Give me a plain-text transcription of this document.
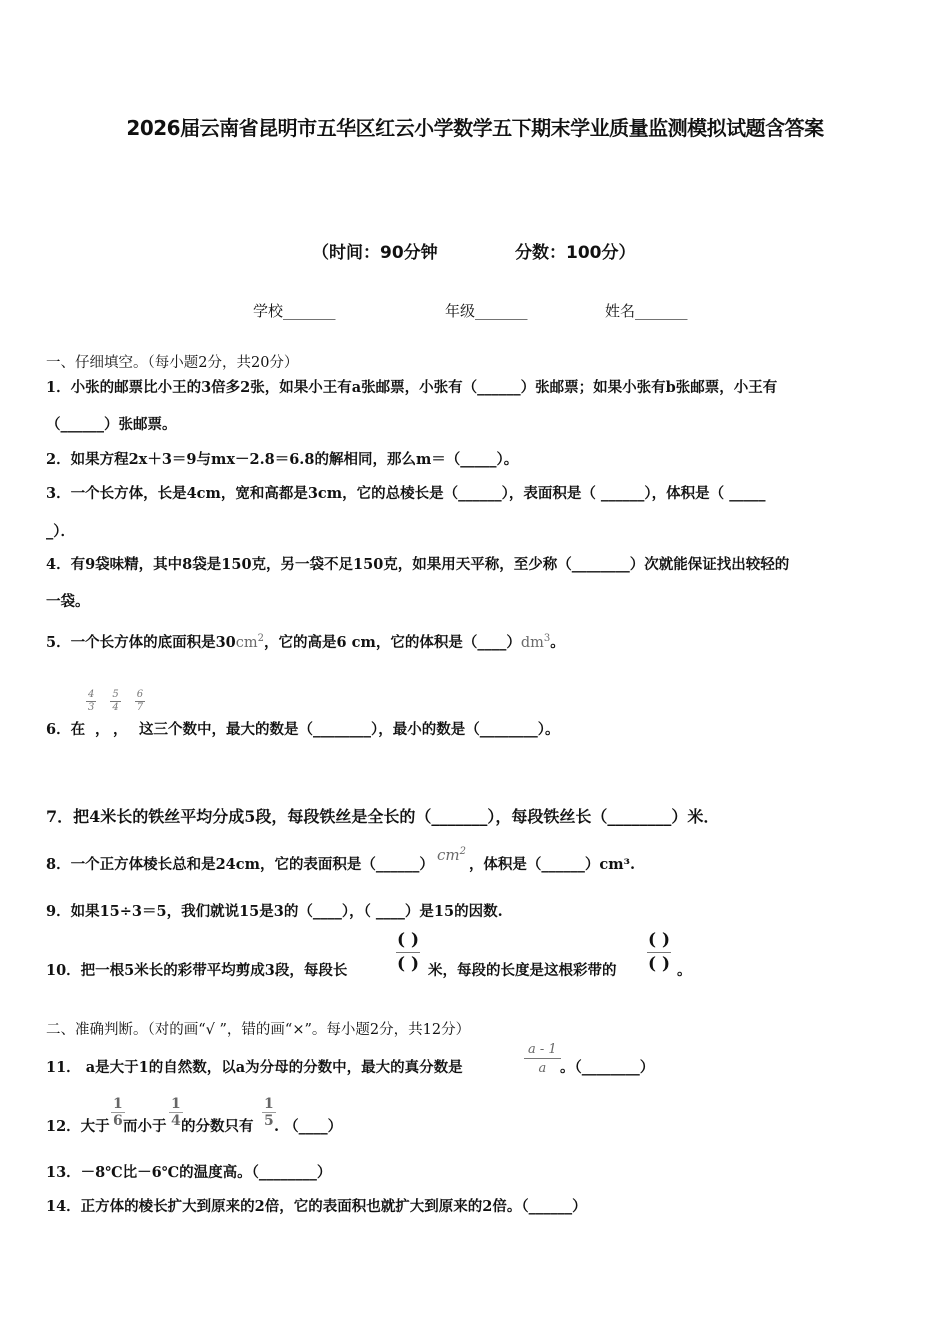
2026届云南省昆明市五华区红云小学数学五下期末学业质量监测模拟试题含答案
（时间：90分钟	分数：100分）
学校_______	年级_______	姓名_______
一、仔细填空。（每小题2分，共20分）
1．小张的邮票比小王的3倍多2张，如果小王有a张邮票，小张有（______）张邮票；如果小张有b张邮票，小王有
（______）张邮票。
2．如果方程2x＋3＝9与mx－2.8＝6.8的解相同，那么m＝（_____）。
3．一个长方体，长是4cm，宽和高都是3cm，它的总棱长是（______），表面积是（ ______），体积是（ _____
_）．
4．有9袋味精，其中8袋是150克，另一袋不足150克，如果用天平称，至少称（________）次就能保证找出较轻的
一袋。
5．一个长方体的底面积是$30cm^2$，它的高是6 cm，它的体积是$(\_\_\_\_)dm^3$。
6．在
$\frac{4}{3} \frac{5}{4} \frac{6}{7}$
， ， 这三个数中，最大的数是（________），最小的数是（________）。
7．把4米长的铁丝平均分成5段，每段铁丝是全长的（_______），每段铁丝长（________）米．
8．一个正方体棱长总和是24cm，它的表面积是$(\_\_\_\_\_\_)cm^2$，体积是（______）cm³.
9．如果15÷3＝5，我们就说15是3的（____），（ ____）是15的因数.
10．把一根5米长的彩带平均剪成3段，每段长	$\frac{( )}{( )}$ 米，每段的长度是这根彩带的 $\frac{( )}{( )}$ 。
二、准确判断。（对的画“√ ”，错的画“×”。每小题2分，共12分）
11． a是大于1的自然数，以a为分母的分数中，最大的真分数是	$\frac{a - 1}{a}$ 。（________）
12．大于 $\frac{1}{6}$
而小于 $\frac{1}{4}$
的分数只有 $\frac{1}{5}$
. （____）
13．－8℃比－6℃的温度高。（________）
14．正方体的棱长扩大到原来的2倍，它的表面积也就扩大到原来的2倍。（______）
